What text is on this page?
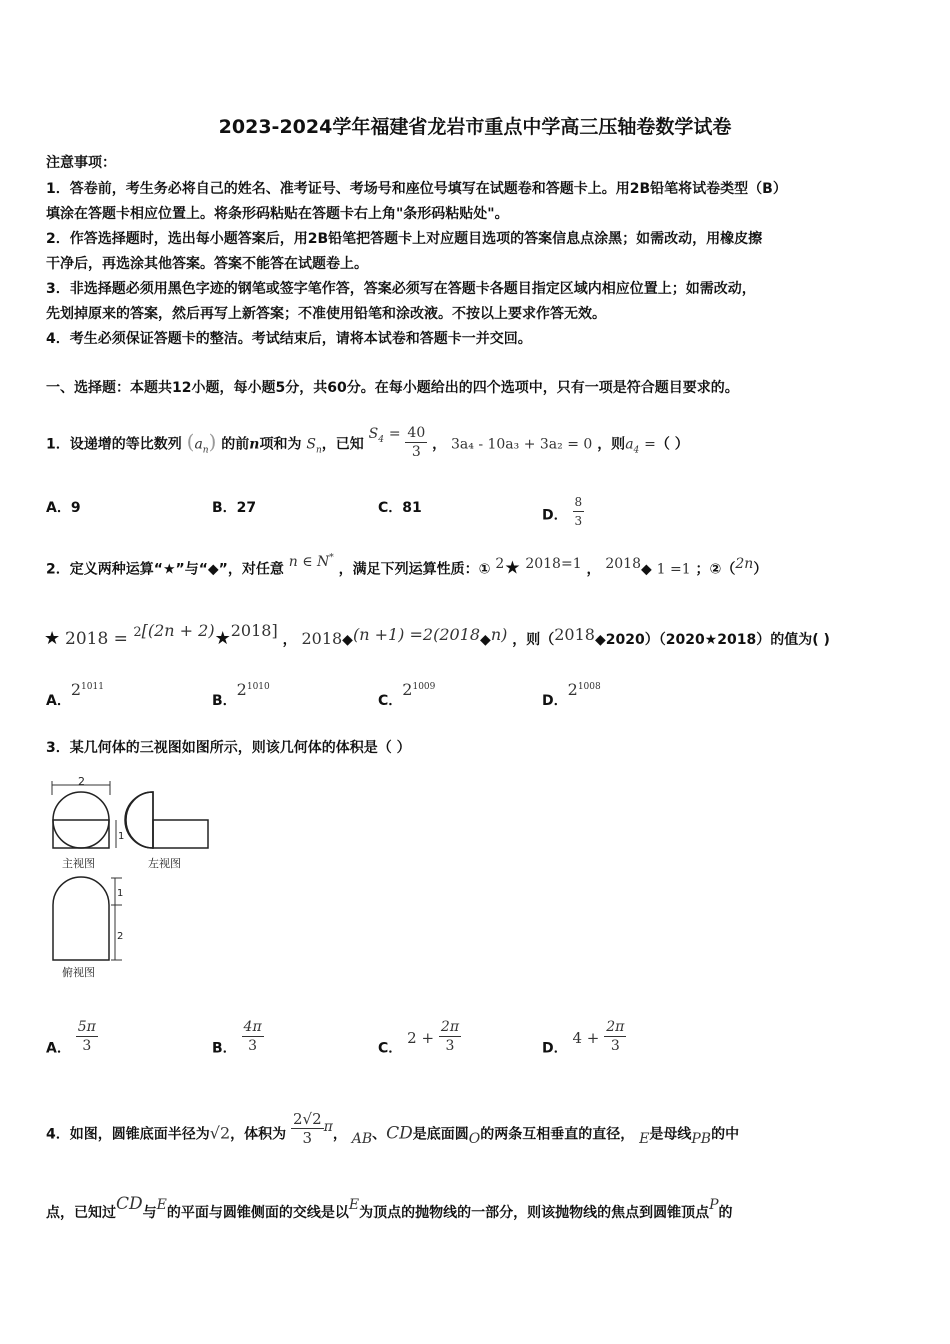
2023-2024学年福建省龙岩市重点中学高三压轴卷数学试卷
注意事项：
1．答卷前，考生务必将自己的姓名、准考证号、考场号和座位号填写在试题卷和答题卡上。用2B铅笔将试卷类型（B）
填涂在答题卡相应位置上。将条形码粘贴在答题卡右上角"条形码粘贴处"。
2．作答选择题时，选出每小题答案后，用2B铅笔把答题卡上对应题目选项的答案信息点涂黑；如需改动，用橡皮擦
干净后，再选涂其他答案。答案不能答在试题卷上。
3．非选择题必须用黑色字迹的钢笔或签字笔作答，答案必须写在答题卡各题目指定区域内相应位置上；如需改动，
先划掉原来的答案，然后再写上新答案；不准使用铅笔和涂改液。不按以上要求作答无效。
4．考生必须保证答题卡的整洁。考试结束后，请将本试卷和答题卡一并交回。
一、选择题：本题共12小题，每小题5分，共60分。在每小题给出的四个选项中，只有一项是符合题目要求的。
1．设递增的等比数列 $(a_n)$ 的前n项和为 $S_n$，已知 $S_4 = \frac{40}{3}$ ， 3a₄ - 10a₃ + 3a₂ = 0 ，则$a_4$ =（ ）
A．9	B．27	C．81	D． $\frac{8}{3}$
2．定义两种运算“★”与“◆”，对任意 n ∈ N* ，满足下列运算性质：① 2★ 2018=1 ， 2018◆ 1 =1 ；②（2n）
★ 2018 = 2[(2n + 2)★2018] ， 2018◆(n +1) =2(2018◆n) ，则（2018◆2020）（2020★2018）的值为( )
A．$2^{1011}$
B．$2^{1010}$
C．$2^{1009}$
D．$2^{1008}$
3．某几何体的三视图如图所示，则该几何体的体积是（ ）
2
1
主视图	左视图
1
2
俯视图
A． $\frac{5\pi}{3}$	B． $\frac{4\pi}{3}$	C． $2 + \frac{2\pi}{3}$	D． $4 + \frac{2\pi}{3}$
4．如图，圆锥底面半径为√2，体积为 $\frac{2√2}{3}$ π， AB、CD是底面圆O的两条互相垂直的直径， E是母线PB的中
点，已知过CD与E的平面与圆锥侧面的交线是以E为顶点的抛物线的一部分，则该抛物线的焦点到圆锥顶点P的
